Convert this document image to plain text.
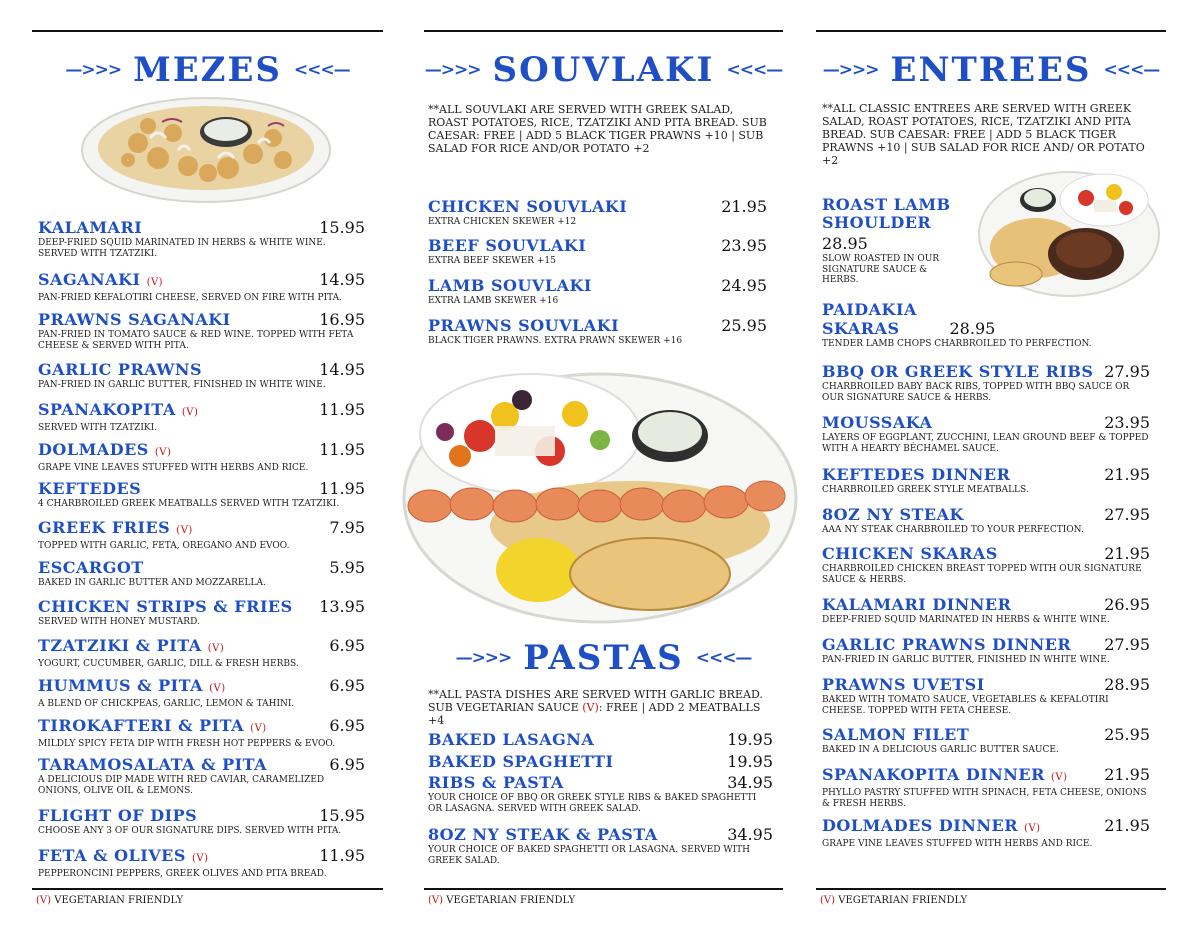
—>>> MEZES <<<—
KALAMARI	15.95
DEEP-FRIED SQUID MARINATED IN HERBS & WHITE WINE. SERVED WITH TZATZIKI.
SAGANAKI (V)	14.95
PAN-FRIED KEFALOTIRI CHEESE, SERVED ON FIRE WITH PITA.
PRAWNS SAGANAKI	16.95
PAN-FRIED IN TOMATO SAUCE & RED WINE. TOPPED WITH FETA CHEESE & SERVED WITH PITA.
GARLIC PRAWNS	14.95
PAN-FRIED IN GARLIC BUTTER, FINISHED IN WHITE WINE.
SPANAKOPITA (V)	11.95
SERVED WITH TZATZIKI.
DOLMADES (V)	11.95
GRAPE VINE LEAVES STUFFED WITH HERBS AND RICE.
KEFTEDES	11.95
4 CHARBROILED GREEK MEATBALLS SERVED WITH TZATZIKI.
GREEK FRIES (V)	7.95
TOPPED WITH GARLIC, FETA, OREGANO AND EVOO.
ESCARGOT	5.95
BAKED IN GARLIC BUTTER AND MOZZARELLA.
CHICKEN STRIPS & FRIES 13.95
SERVED WITH HONEY MUSTARD.
TZATZIKI & PITA (V)	6.95
YOGURT, CUCUMBER, GARLIC, DILL & FRESH HERBS.
HUMMUS & PITA (V)	6.95
A BLEND OF CHICKPEAS, GARLIC, LEMON & TAHINI.
TIROKAFTERI & PITA (V)	6.95
MILDLY SPICY FETA DIP WITH FRESH HOT PEPPERS & EVOO.
TARAMOSALATA & PITA	6.95
A DELICIOUS DIP MADE WITH RED CAVIAR, CARAMELIZED ONIONS, OLIVE OIL & LEMONS.
FLIGHT OF DIPS	15.95
CHOOSE ANY 3 OF OUR SIGNATURE DIPS. SERVED WITH PITA.
FETA & OLIVES (V)	11.95
PEPPERONCINI PEPPERS, GREEK OLIVES AND PITA BREAD.
(V) VEGETARIAN FRIENDLY
—>>> SOUVLAKI <<<—
**ALL SOUVLAKI ARE SERVED WITH GREEK SALAD, ROAST POTATOES, RICE, TZATZIKI AND PITA BREAD. SUB CAESAR: FREE | ADD 5 BLACK TIGER PRAWNS +10 | SUB SALAD FOR RICE AND/OR POTATO +2
CHICKEN SOUVLAKI	21.95
EXTRA CHICKEN SKEWER +12
BEEF SOUVLAKI	23.95
EXTRA BEEF SKEWER +15
LAMB SOUVLAKI	24.95
EXTRA LAMB SKEWER +16
PRAWNS SOUVLAKI	25.95
BLACK TIGER PRAWNS. EXTRA PRAWN SKEWER +16
—>>> PASTAS <<<—
**ALL PASTA DISHES ARE SERVED WITH GARLIC BREAD. SUB VEGETARIAN SAUCE (V): FREE | ADD 2 MEATBALLS +4
BAKED LASAGNA	19.95
BAKED SPAGHETTI	19.95
RIBS & PASTA	34.95
YOUR CHOICE OF BBQ OR GREEK STYLE RIBS & BAKED SPAGHETTI OR LASAGNA. SERVED WITH GREEK SALAD.
8OZ NY STEAK & PASTA	34.95
YOUR CHOICE OF BAKED SPAGHETTI OR LASAGNA. SERVED WITH GREEK SALAD.
(V) VEGETARIAN FRIENDLY
—>>> ENTREES <<<—
**ALL CLASSIC ENTREES ARE SERVED WITH GREEK SALAD, ROAST POTATOES, RICE, TZATZIKI AND PITA BREAD. SUB CAESAR: FREE | ADD 5 BLACK TIGER PRAWNS +10 | SUB SALAD FOR RICE AND/ OR POTATO +2
ROAST LAMB
SHOULDER
28.95
SLOW ROASTED IN OUR SIGNATURE SAUCE & HERBS.
PAIDAKIA
SKARAS	28.95
TENDER LAMB CHOPS CHARBROILED TO PERFECTION.
BBQ OR GREEK STYLE RIBS 27.95
CHARBROILED BABY BACK RIBS, TOPPED WITH BBQ SAUCE OR OUR SIGNATURE SAUCE & HERBS.
MOUSSAKA	23.95
LAYERS OF EGGPLANT, ZUCCHINI, LEAN GROUND BEEF & TOPPED WITH A HEARTY BÉCHAMEL SAUCE.
KEFTEDES DINNER	21.95
CHARBROILED GREEK STYLE MEATBALLS.
8OZ NY STEAK	27.95
AAA NY STEAK CHARBROILED TO YOUR PERFECTION.
CHICKEN SKARAS	21.95
CHARBROILED CHICKEN BREAST TOPPED WITH OUR SIGNATURE SAUCE & HERBS.
KALAMARI DINNER	26.95
DEEP-FRIED SQUID MARINATED IN HERBS & WHITE WINE.
GARLIC PRAWNS DINNER 27.95
PAN-FRIED IN GARLIC BUTTER, FINISHED IN WHITE WINE.
PRAWNS UVETSI	28.95
BAKED WITH TOMATO SAUCE, VEGETABLES & KEFALOTIRI CHEESE. TOPPED WITH FETA CHEESE.
SALMON FILET	25.95
BAKED IN A DELICIOUS GARLIC BUTTER SAUCE.
SPANAKOPITA DINNER (V) 21.95
PHYLLO PASTRY STUFFED WITH SPINACH, FETA CHEESE, ONIONS & FRESH HERBS.
DOLMADES DINNER (V)	21.95
GRAPE VINE LEAVES STUFFED WITH HERBS AND RICE.
(V) VEGETARIAN FRIENDLY
